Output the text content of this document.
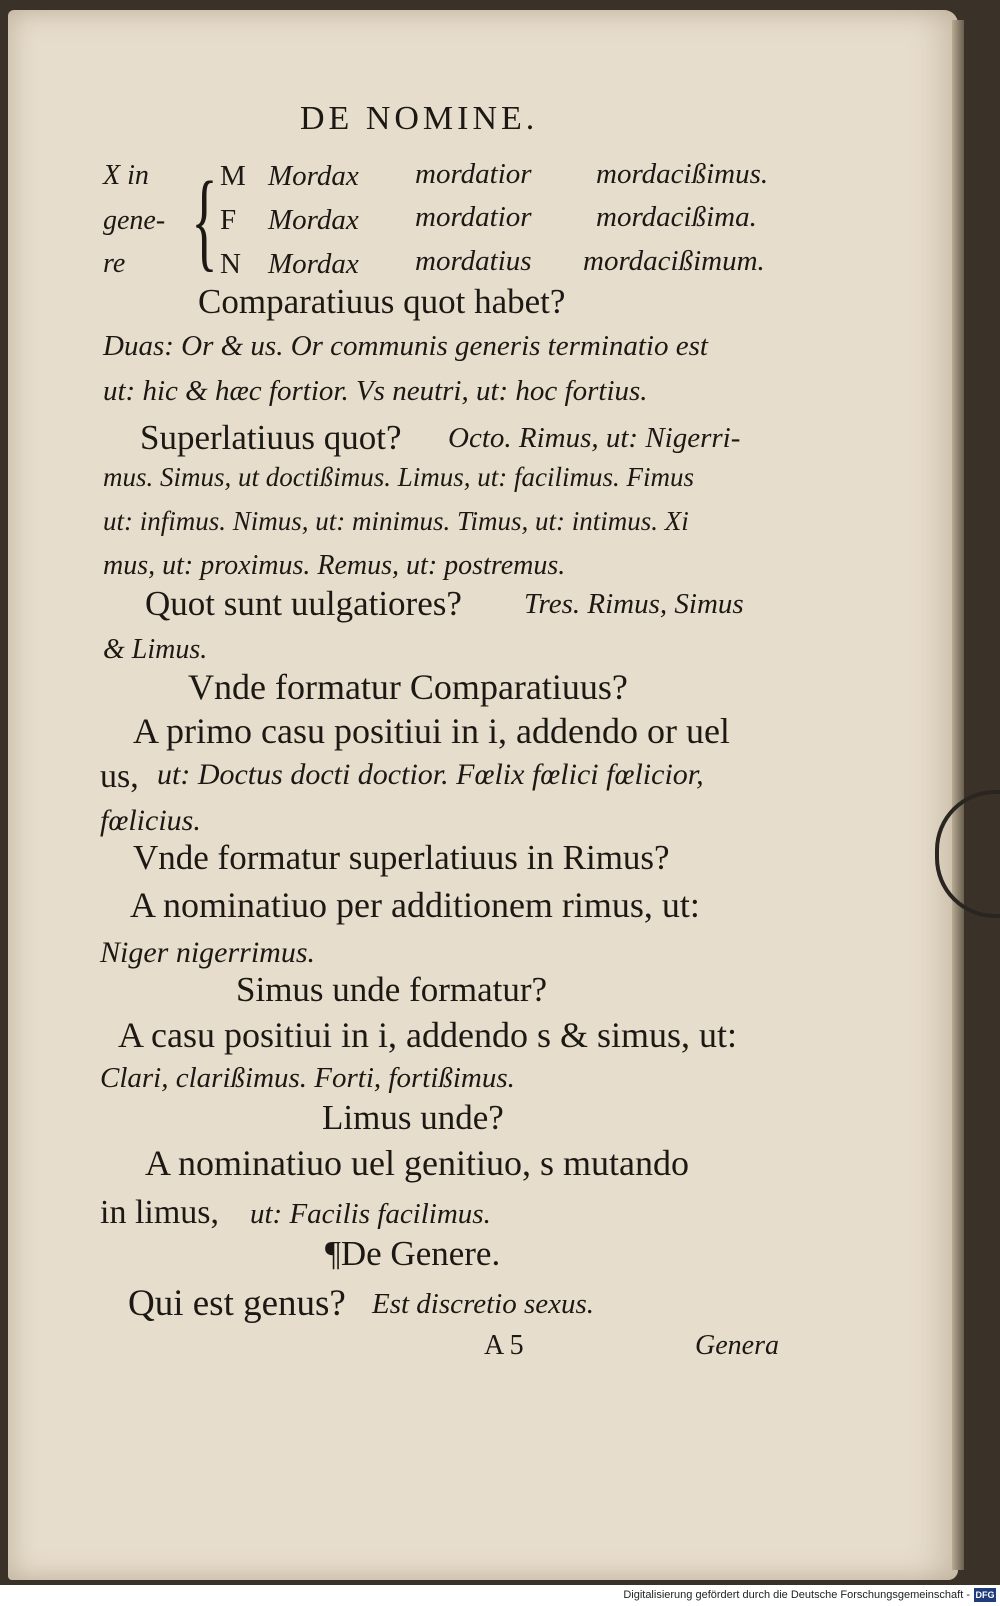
DE NOMINE.
X in
gene-
re { M Mordax mordatior mordacißimus.
F Mordax mordatior mordacißima.
N Mordax mordatius mordacißimum.
Comparatiuus quot habet?
Duas: Or & us. Or communis generis terminatio est
ut: hic & hæc fortior. Vs neutri, ut: hoc fortius.
Superlatiuus quot? Octo. Rimus, ut: Nigerri-
mus. Simus, ut doctißimus. Limus, ut: facilimus. Fimus
ut: infimus. Nimus, ut: minimus. Timus, ut: intimus. Xi
mus, ut: proximus. Remus, ut: postremus.
Quot sunt uulgatiores? Tres. Rimus, Simus
& Limus.
Vnde formatur Comparatiuus?
A primo casu positiui in i, addendo or uel
us, ut: Doctus docti doctior. Fœlix fœlici fœlicior,
fœlicius.
Vnde formatur superlatiuus in Rimus?
A nominatiuo per additionem rimus, ut:
Niger nigerrimus.
Simus unde formatur?
A casu positiui in i, addendo s & simus, ut:
Clari, clarißimus. Forti, fortißimus.
Limus unde?
A nominatiuo uel genitiuo, s mutando
in limus, ut: Facilis facilimus.
¶De Genere.
Qui est genus? Est discretio sexus.
A 5	Genera
Digitalisierung gefördert durch die Deutsche Forschungsgemeinschaft - DFG
